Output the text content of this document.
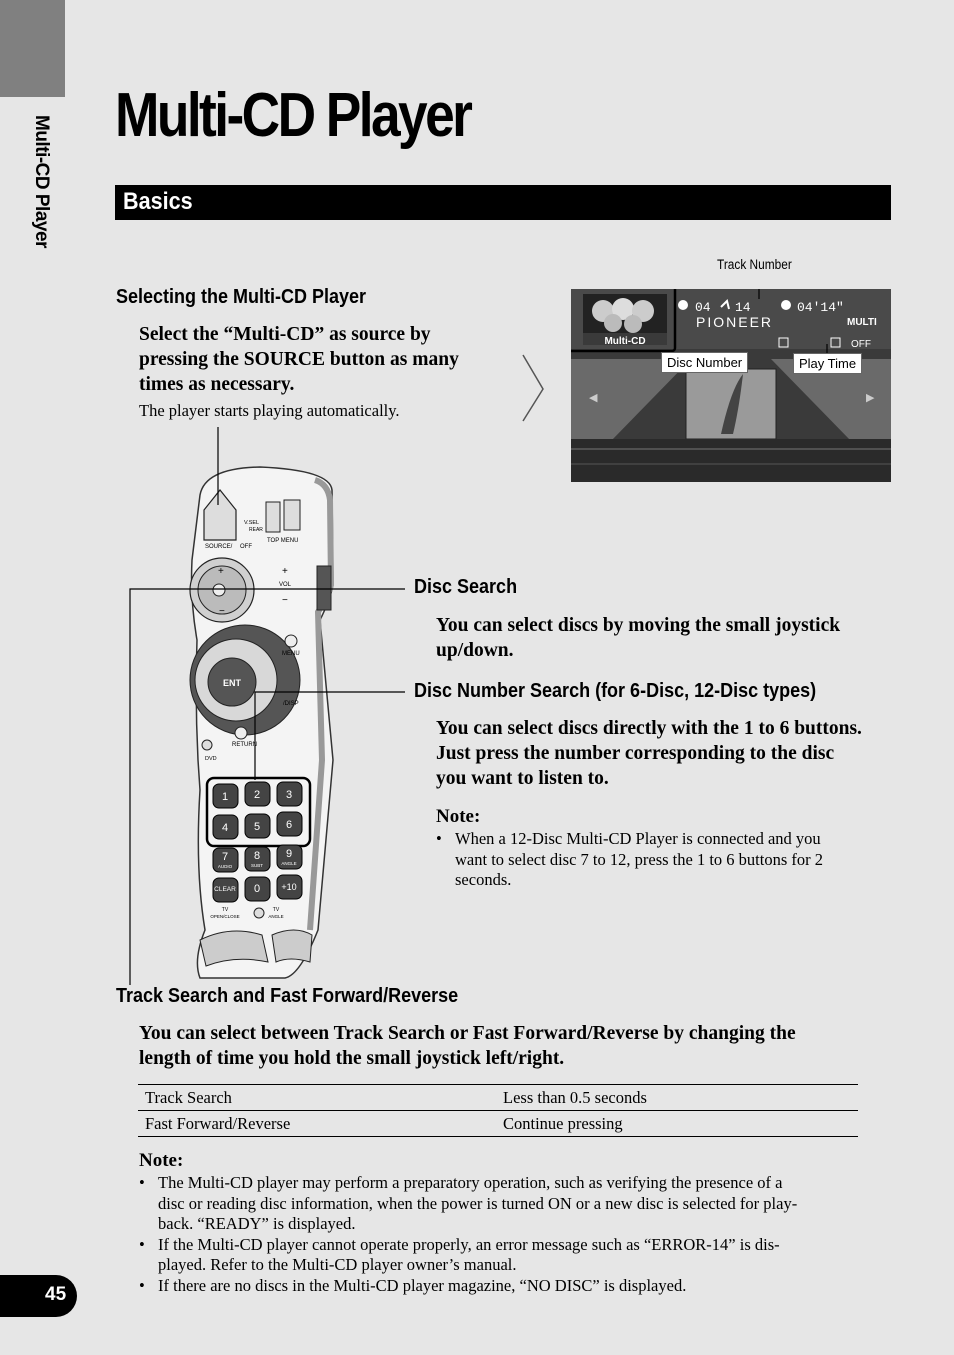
Multi-CD Player Multi-CD Player
Basics
Selecting the Multi-CD Player
Select the “Multi-CD” as source by
pressing the SOURCE button as many
times as necessary.
The player starts playing automatically.
SOURCE/ OFF
V.SEL
REAR
TOP MENU
+
−
+
VOL
−
ENT
MENU
/DISP
RETURN
DVD
1 2 3
4 5 6
7
AUDIO
8
SUBT
9
ANGLE
CLEAR 0 +10
TV
OPEN/CLOSE
TV
ANGLE
Track Number
Multi-CD
04 14	04'14"
PIONEER	MULTI
OFF
◀	▶
Disc Number	Play Time
Disc Search
You can select discs by moving the small joystick
up/down.
Disc Number Search (for 6-Disc, 12-Disc types)
You can select discs directly with the 1 to 6 buttons.
Just press the number corresponding to the disc
you want to listen to.
Note:
• When a 12-Disc Multi-CD Player is connected and you
want to select disc 7 to 12, press the 1 to 6 buttons for 2
seconds.
Track Search and Fast Forward/Reverse
You can select between Track Search or Fast Forward/Reverse by changing the
length of time you hold the small joystick left/right.
Track Search	Less than 0.5 seconds
Fast Forward/Reverse	Continue pressing
Note:
• The Multi-CD player may perform a preparatory operation, such as verifying the presence of a
disc or reading disc information, when the power is turned ON or a new disc is selected for play-
back. “READY” is displayed.
• If the Multi-CD player cannot operate properly, an error message such as “ERROR-14” is dis-
played. Refer to the Multi-CD player owner’s manual.
• If there are no discs in the Multi-CD player magazine, “NO DISC” is displayed.
45
